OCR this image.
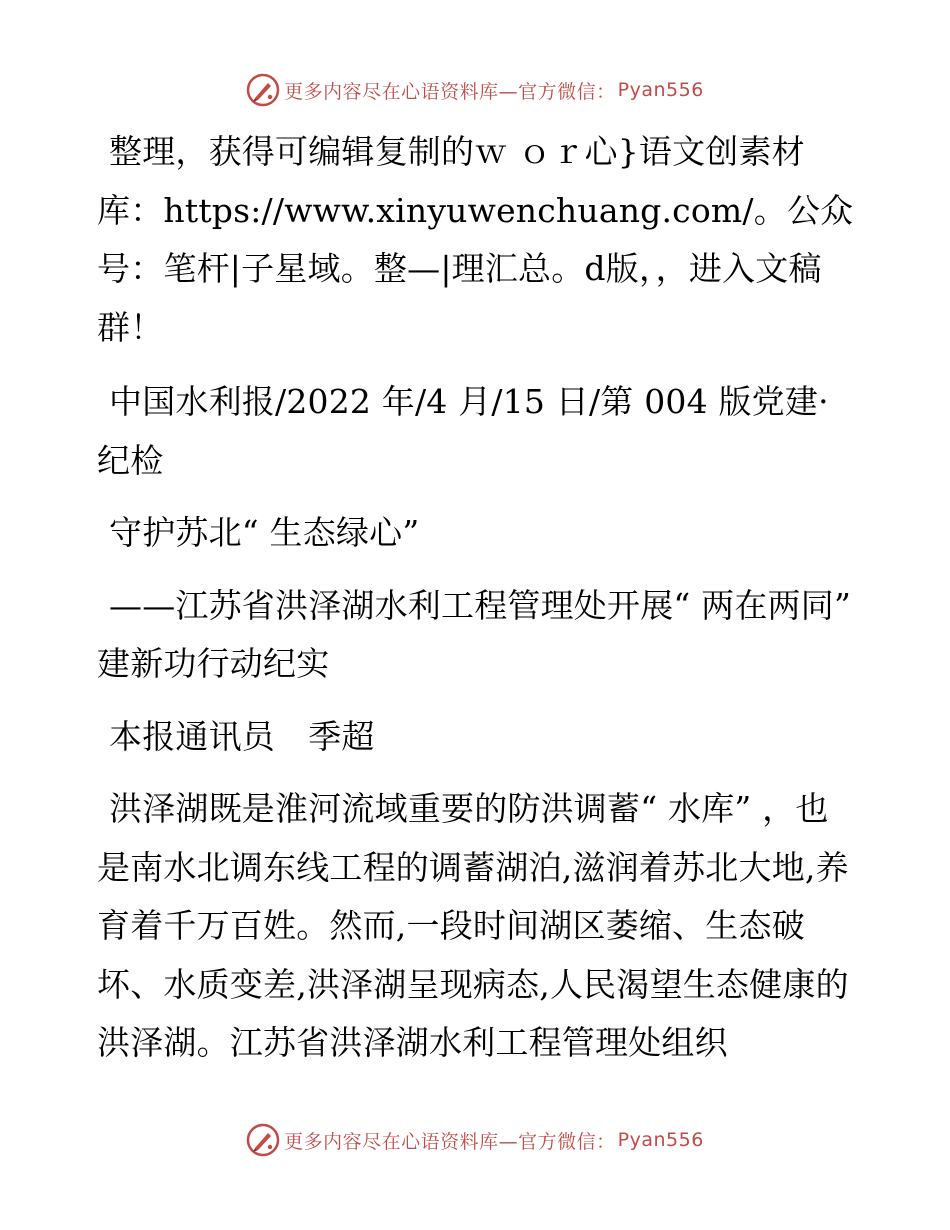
更多内容尽在心语资料库—官方微信： Pyan556

整理，获得可编辑复制的ｗ ｏｒ心}语文创素材库：https://www.xinyuwenchuang.com/。公众号：笔杆|子星域。整—|理汇总。d版，，进入文稿群！

中国水利报/2022 年/4 月/15 日/第 004 版党建· 纪检

守护苏北“ 生态绿心”

——江苏省洪泽湖水利工程管理处开展“ 两在两同” 建新功行动纪实

本报通讯员　季超

洪泽湖既是淮河流域重要的防洪调蓄“ 水库” ，也是南水北调东线工程的调蓄湖泊,滋润着苏北大地,养育着千万百姓。然而,一段时间湖区萎缩、生态破坏、水质变差,洪泽湖呈现病态,人民渴望生态健康的洪泽湖。江苏省洪泽湖水利工程管理处组织

更多内容尽在心语资料库—官方微信： Pyan556
